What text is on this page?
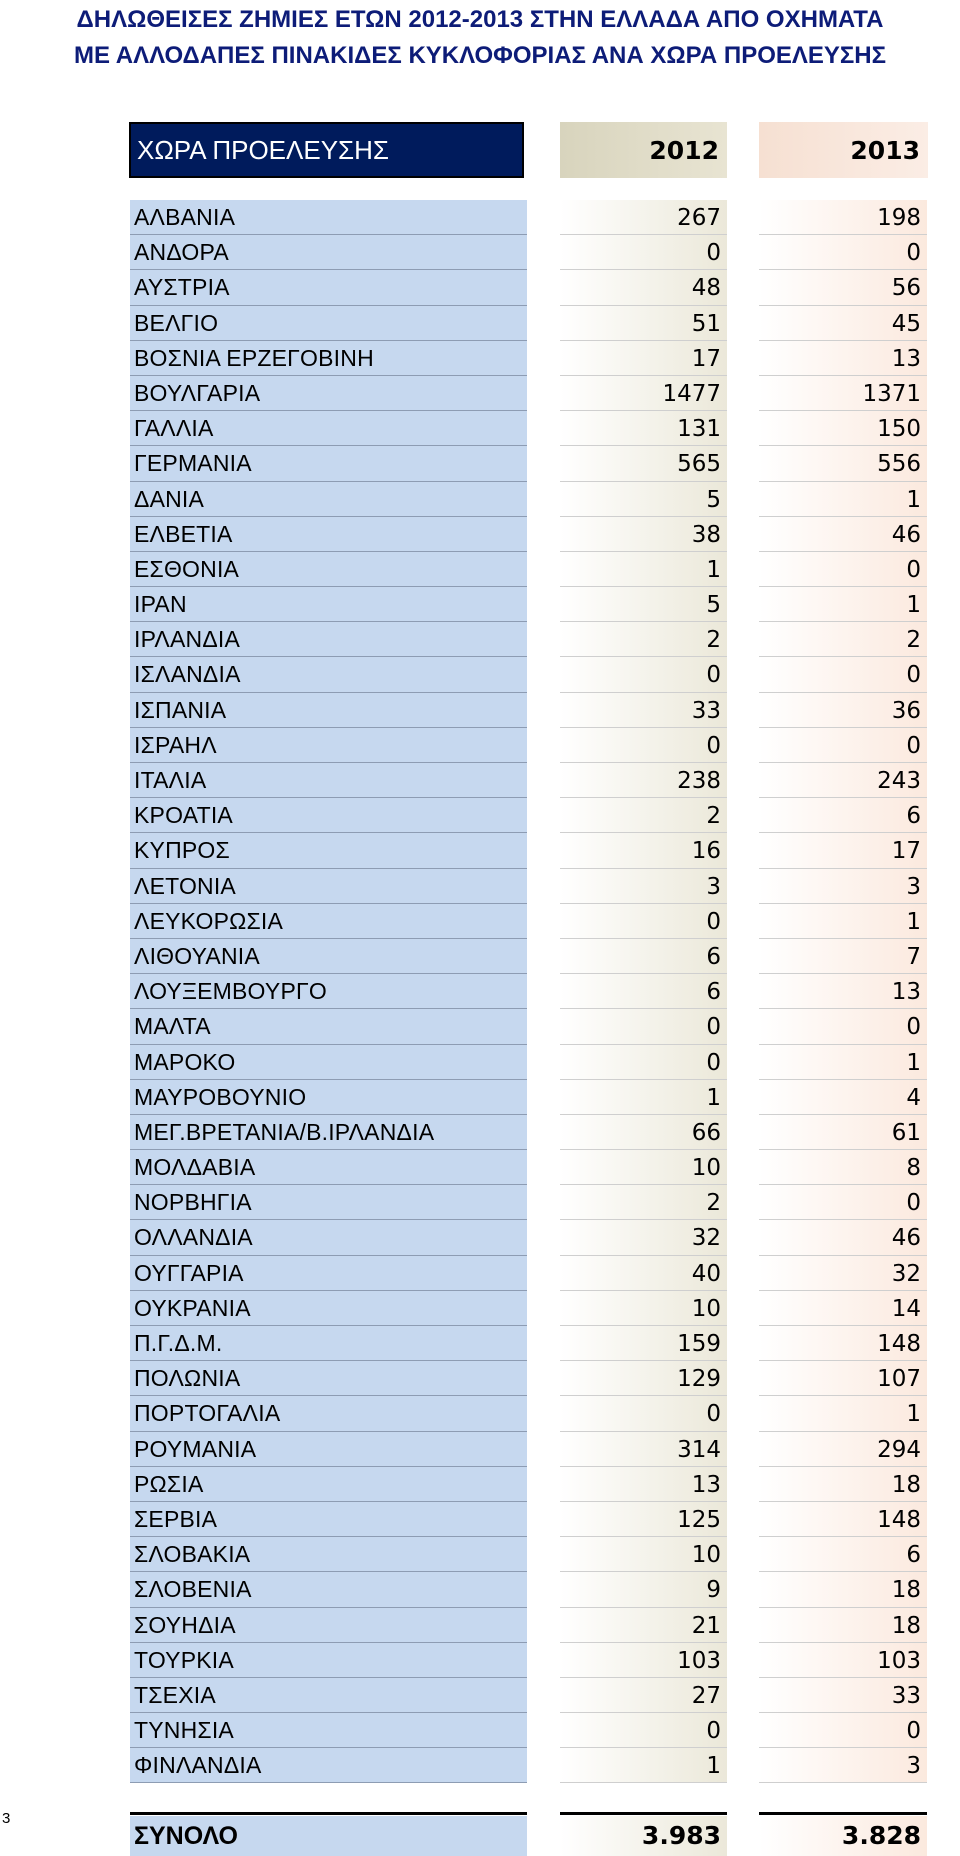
ΔΗΛΩΘΕΙΣΕΣ ΖΗΜΙΕΣ ΕΤΩΝ 2012-2013 ΣΤΗΝ ΕΛΛΑΔΑ ΑΠΟ ΟΧΗΜΑΤΑ
ΜΕ ΑΛΛΟΔΑΠΕΣ ΠΙΝΑΚΙΔΕΣ ΚΥΚΛΟΦΟΡΙΑΣ ΑΝΑ ΧΩΡΑ ΠΡΟΕΛΕΥΣΗΣ
ΧΩΡΑ ΠΡΟΕΛΕΥΣΗΣ	2012	2013
ΑΛΒΑΝΙΑ	267	198
ΑΝΔΟΡΑ	0	0
ΑΥΣΤΡΙΑ	48	56
ΒΕΛΓΙΟ	51	45
ΒΟΣΝΙΑ ΕΡΖΕΓΟΒΙΝΗ	17	13
ΒΟΥΛΓΑΡΙΑ	1477	1371
ΓΑΛΛΙΑ	131	150
ΓΕΡΜΑΝΙΑ	565	556
ΔΑΝΙΑ	5	1
ΕΛΒΕΤΙΑ	38	46
ΕΣΘΟΝΙΑ	1	0
ΙΡΑΝ	5	1
ΙΡΛΑΝΔΙΑ	2	2
ΙΣΛΑΝΔΙΑ	0	0
ΙΣΠΑΝΙΑ	33	36
ΙΣΡΑΗΛ	0	0
ΙΤΑΛΙΑ	238	243
ΚΡΟΑΤΙΑ	2	6
ΚΥΠΡΟΣ	16	17
ΛΕΤΟΝΙΑ	3	3
ΛΕΥΚΟΡΩΣΙΑ	0	1
ΛΙΘΟΥΑΝΙΑ	6	7
ΛΟΥΞΕΜΒΟΥΡΓΟ	6	13
ΜΑΛΤΑ	0	0
ΜΑΡΟΚΟ	0	1
ΜΑΥΡΟΒΟΥΝΙΟ	1	4
ΜΕΓ.ΒΡΕΤΑΝΙΑ/Β.ΙΡΛΑΝΔΙΑ	66	61
ΜΟΛΔΑΒΙΑ	10	8
ΝΟΡΒΗΓΙΑ	2	0
ΟΛΛΑΝΔΙΑ	32	46
ΟΥΓΓΑΡΙΑ	40	32
ΟΥΚΡΑΝΙΑ	10	14
Π.Γ.Δ.Μ.	159	148
ΠΟΛΩΝΙΑ	129	107
ΠΟΡΤΟΓΑΛΙΑ	0	1
ΡΟΥΜΑΝΙΑ	314	294
ΡΩΣΙΑ	13	18
ΣΕΡΒΙΑ	125	148
ΣΛΟΒΑΚΙΑ	10	6
ΣΛΟΒΕΝΙΑ	9	18
ΣΟΥΗΔΙΑ	21	18
ΤΟΥΡΚΙΑ	103	103
ΤΣΕΧΙΑ	27	33
ΤΥΝΗΣΙΑ	0	0
ΦΙΝΛΑΝΔΙΑ	1	3
ΣΥΝΟΛΟ	3.983	3.828
3
